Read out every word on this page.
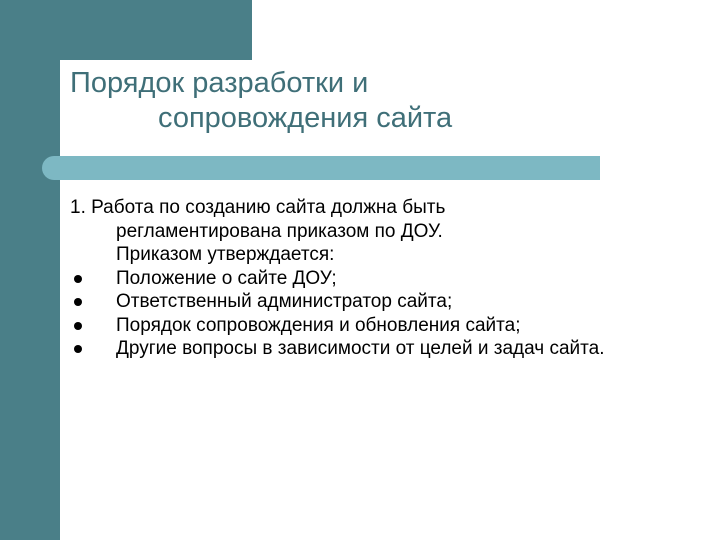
Порядок разработки и
сопровождения сайта
1. Работа по созданию сайта должна быть
регламентирована приказом по ДОУ.
Приказом утверждается:
Положение о сайте ДОУ;
Ответственный администратор сайта;
Порядок сопровождения и обновления сайта;
Другие вопросы в зависимости от целей и задач сайта.
